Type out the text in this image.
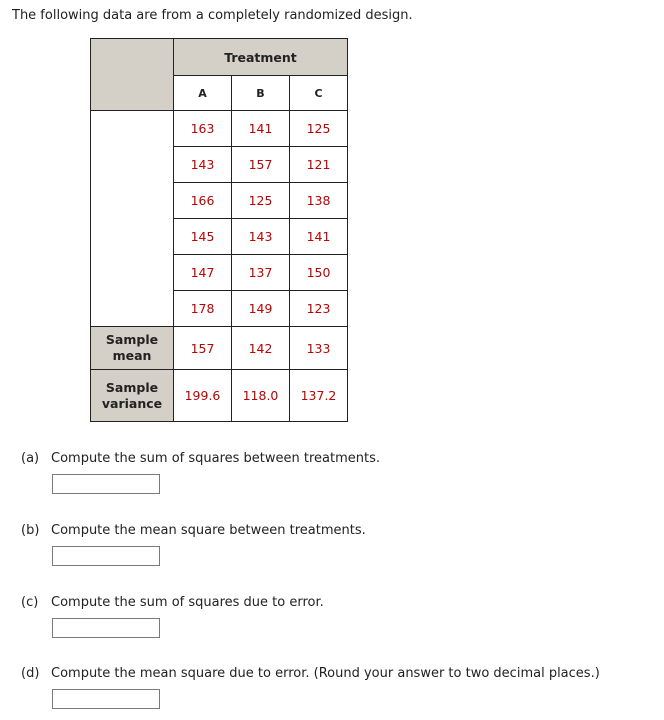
The following data are from a completely randomized design.
	Treatment		
	A	B	C
	163	141	125
	143	157	121
	166	125	138
	145	143	141
	147	137	150
	178	149	123
Sample
mean	157	142	133
Sample
variance	199.6	118.0	137.2
(a) Compute the sum of squares between treatments.
(b) Compute the mean square between treatments.
(c) Compute the sum of squares due to error.
(d) Compute the mean square due to error. (Round your answer to two decimal places.)
